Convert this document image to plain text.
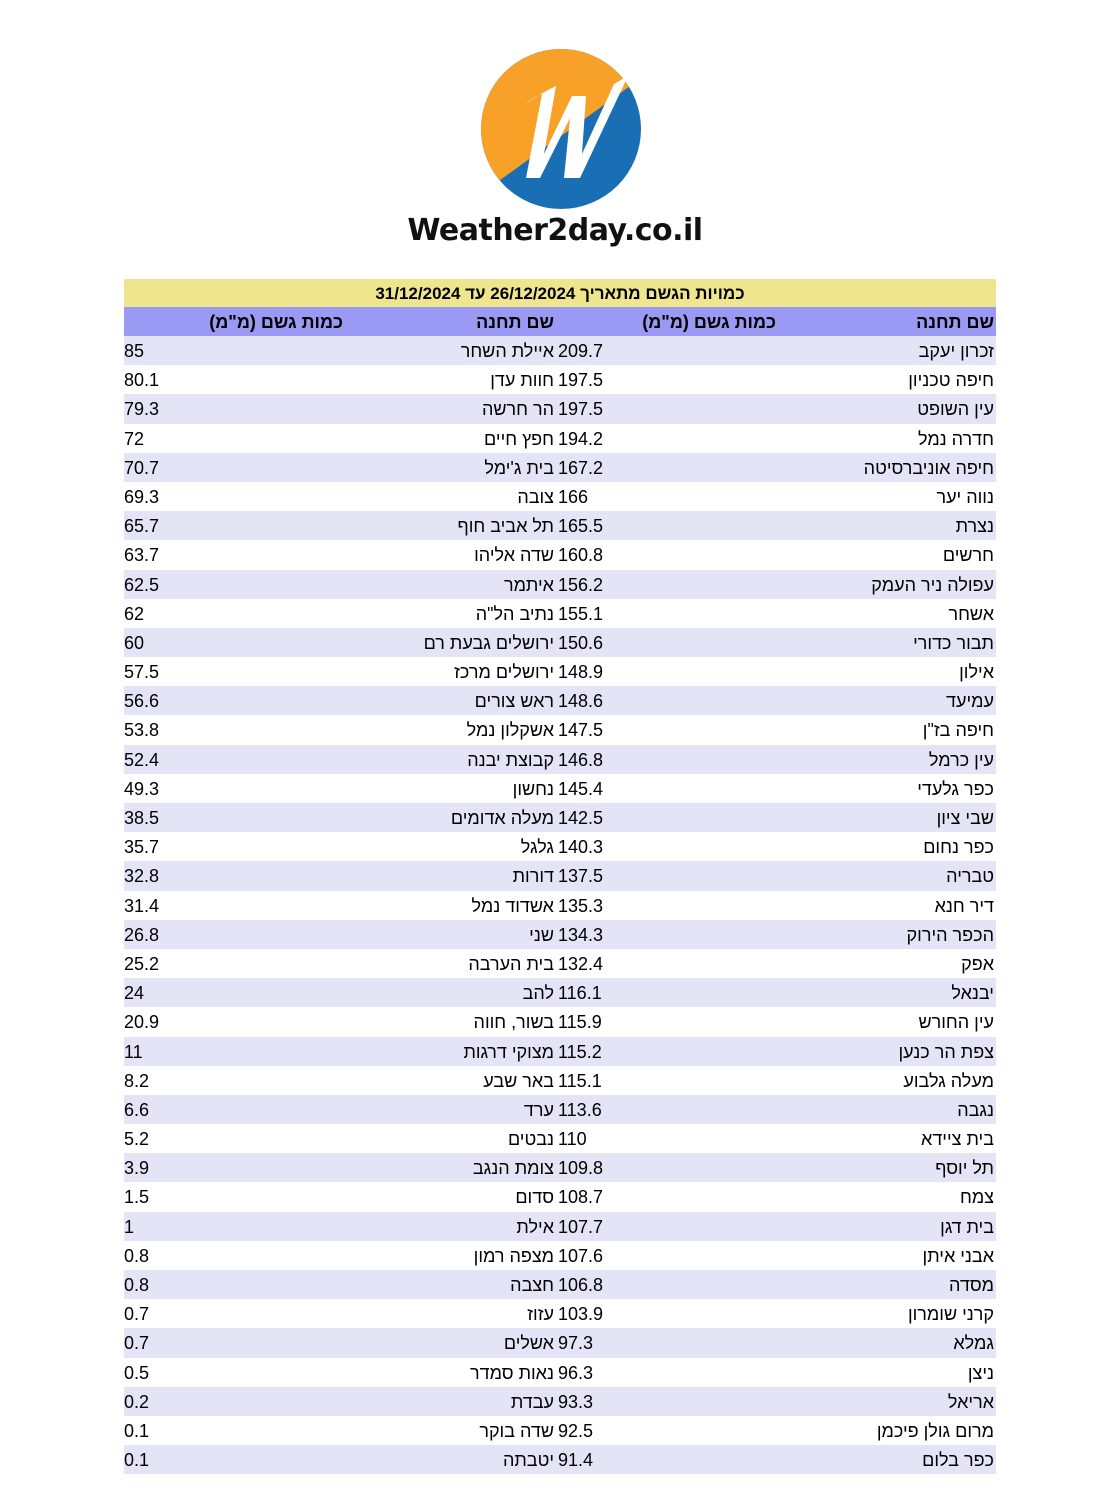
Weather2day.co.il
כמויות הגשם מתאריך 26/12/2024 עד 31/12/2024
שם תחנה
כמות גשם (מ"מ)
שם תחנה
כמות גשם (מ"מ)
זכרון יעקב
209.7
איילת השחר
85
חיפה טכניון
197.5
חוות עדן
80.1
עין השופט
197.5
הר חרשה
79.3
חדרה נמל
194.2
חפץ חיים
72
חיפה אוניברסיטה
167.2
בית ג'ימל
70.7
נווה יער
166
צובה
69.3
נצרת
165.5
תל אביב חוף
65.7
חרשים
160.8
שדה אליהו
63.7
עפולה ניר העמק
156.2
איתמר
62.5
אשחר
155.1
נתיב הל"ה
62
תבור כדורי
150.6
ירושלים גבעת רם
60
אילון
148.9
ירושלים מרכז
57.5
עמיעד
148.6
ראש צורים
56.6
חיפה בז"ן
147.5
אשקלון נמל
53.8
עין כרמל
146.8
קבוצת יבנה
52.4
כפר גלעדי
145.4
נחשון
49.3
שבי ציון
142.5
מעלה אדומים
38.5
כפר נחום
140.3
גלגל
35.7
טבריה
137.5
דורות
32.8
דיר חנא
135.3
אשדוד נמל
31.4
הכפר הירוק
134.3
שני
26.8
אפק
132.4
בית הערבה
25.2
יבנאל
116.1
להב
24
עין החורש
115.9
בשור, חווה
20.9
צפת הר כנען
115.2
מצוקי דרגות
11
מעלה גלבוע
115.1
באר שבע
8.2
נגבה
113.6
ערד
6.6
בית ציידא
110
נבטים
5.2
תל יוסף
109.8
צומת הנגב
3.9
צמח
108.7
סדום
1.5
בית דגן
107.7
אילת
1
אבני איתן
107.6
מצפה רמון
0.8
מסדה
106.8
חצבה
0.8
קרני שומרון
103.9
עזוז
0.7
גמלא
97.3
אשלים
0.7
ניצן
96.3
נאות סמדר
0.5
אריאל
93.3
עבדת
0.2
מרום גולן פיכמן
92.5
שדה בוקר
0.1
כפר בלום
91.4
יטבתה
0.1
